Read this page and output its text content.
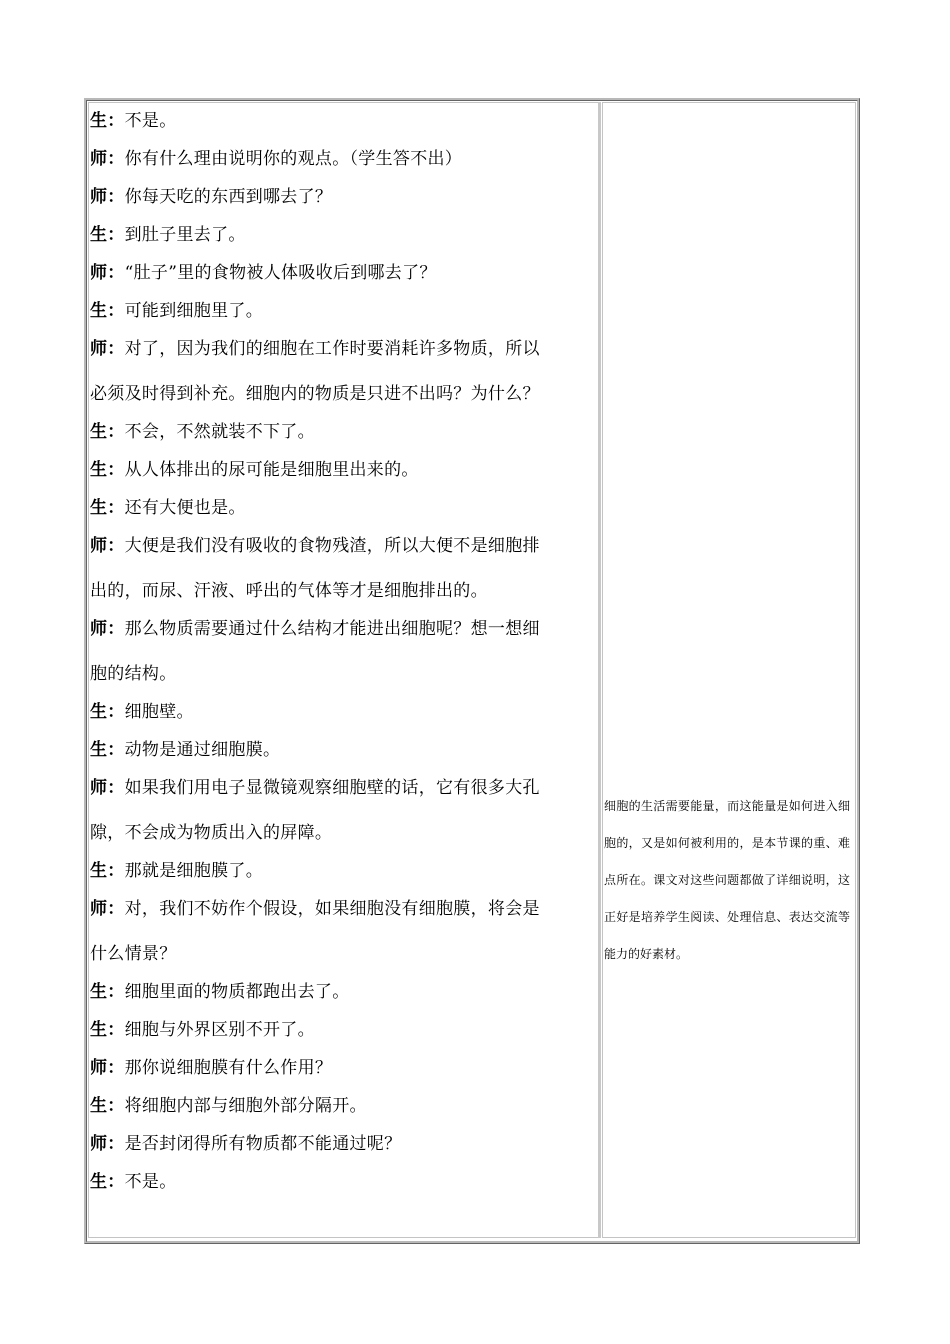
生：不是。
师：你有什么理由说明你的观点。（学生答不出）
师：你每天吃的东西到哪去了？
生：到肚子里去了。
师：“肚子”里的食物被人体吸收后到哪去了？
生：可能到细胞里了。
师：对了，因为我们的细胞在工作时要消耗许多物质，所以
必须及时得到补充。细胞内的物质是只进不出吗？为什么？
生：不会，不然就装不下了。
生：从人体排出的尿可能是细胞里出来的。
生：还有大便也是。
师：大便是我们没有吸收的食物残渣，所以大便不是细胞排
出的，而尿、汗液、呼出的气体等才是细胞排出的。
师：那么物质需要通过什么结构才能进出细胞呢？想一想细
胞的结构。
生：细胞壁。
生：动物是通过细胞膜。
师：如果我们用电子显微镜观察细胞壁的话，它有很多大孔
隙，不会成为物质出入的屏障。
生：那就是细胞膜了。
师：对，我们不妨作个假设，如果细胞没有细胞膜，将会是
什么情景？
生：细胞里面的物质都跑出去了。
生：细胞与外界区别不开了。
师：那你说细胞膜有什么作用？
生：将细胞内部与细胞外部分隔开。
师：是否封闭得所有物质都不能通过呢？
生：不是。
细胞的生活需要能量，而这能量是如何进入细胞的，又是如何被利用的，是本节课的重、难点所在。课文对这些问题都做了详细说明，这正好是培养学生阅读、处理信息、表达交流等能力的好素材。
